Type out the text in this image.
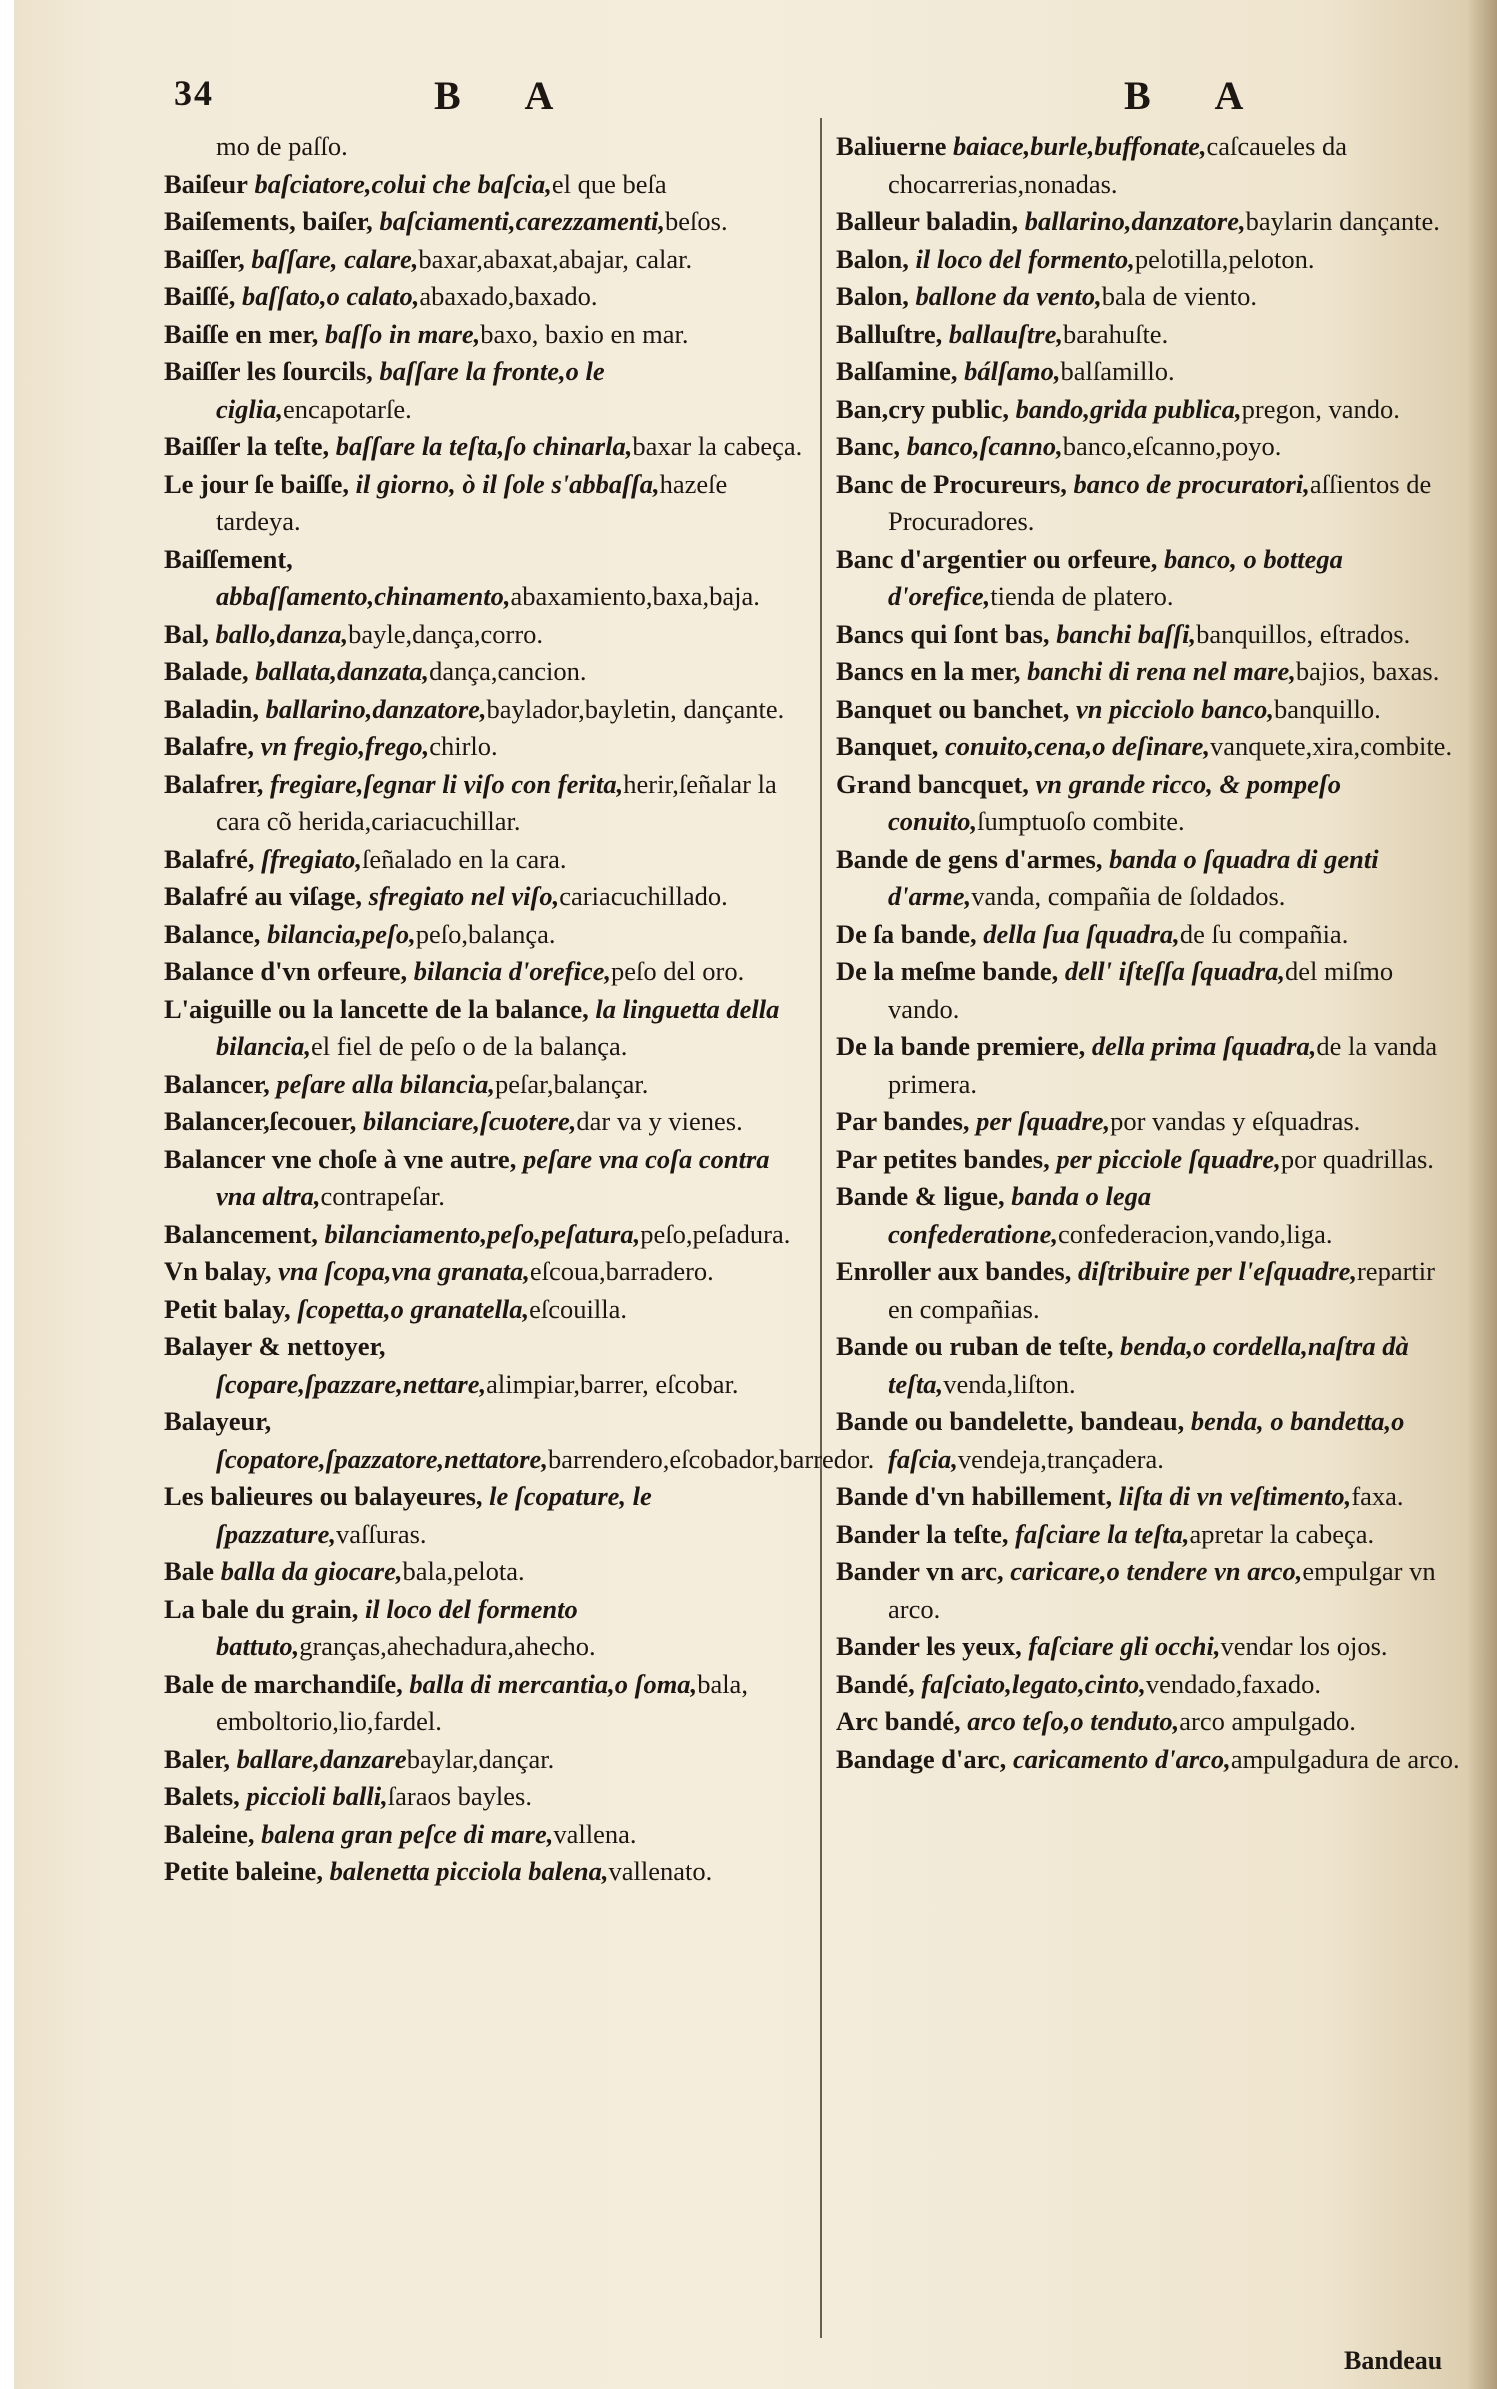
34	B A	B A

mo de paſſo.

Baiſeur baſciatore,colui che baſcia,el que beſa

Baiſements, baiſer, baſciamenti,carezzamenti,beſos.

Baiſſer, baſſare, calare,baxar,abaxat,abajar, calar.

Baiſſé, baſſato,o calato,abaxado,baxado.

Baiſſe en mer, baſſo in mare,baxo, baxio en mar.

Baiſſer les ſourcils, baſſare la fronte,o le ciglia,encapotarſe.

Baiſſer la teſte, baſſare la teſta,ſo chinarla,baxar la cabeça.

Le jour ſe baiſſe, il giorno, ò il ſole s'abbaſſa,hazeſe tardeya.

Baiſſement, abbaſſamento,chinamento,abaxamiento,baxa,baja.

Bal, ballo,danza,bayle,dança,corro.

Balade, ballata,danzata,dança,cancion.

Baladin, ballarino,danzatore,baylador,bayletin, dançante.

Balafre, vn fregio,frego,chirlo.

Balafrer, fregiare,ſegnar li viſo con ferita,herir,ſeñalar la cara cõ herida,cariacuchillar.

Balafré, ſfregiato,ſeñalado en la cara.

Balafré au viſage, sfregiato nel viſo,cariacuchillado.

Balance, bilancia,peſo,peſo,balança.

Balance d'vn orfeure, bilancia d'orefice,peſo del oro.

L'aiguille ou la lancette de la balance, la linguetta della bilancia,el fiel de peſo o de la balança.

Balancer, peſare alla bilancia,peſar,balançar.

Balancer,ſecouer, bilanciare,ſcuotere,dar va y vienes.

Balancer vne choſe à vne autre, peſare vna coſa contra vna altra,contrapeſar.

Balancement, bilanciamento,peſo,peſatura,peſo,peſadura.

Vn balay, vna ſcopa,vna granata,eſcoua,barradero.

Petit balay, ſcopetta,o granatella,eſcouilla.

Balayer & nettoyer, ſcopare,ſpazzare,nettare,alimpiar,barrer, eſcobar.

Balayeur, ſcopatore,ſpazzatore,nettatore,barrendero,eſcobador,barredor.

Les balieures ou balayeures, le ſcopature, le ſpazzature,vaſſuras.

Bale balla da giocare,bala,pelota.

La bale du grain, il loco del formento battuto,granças,ahechadura,ahecho.

Bale de marchandiſe, balla di mercantia,o ſoma,bala, emboltorio,lio,fardel.

Baler, ballare,danzarebaylar,dançar.

Balets, piccioli balli,ſaraos bayles.

Baleine, balena gran peſce di mare,vallena.

Petite baleine, balenetta picciola balena,vallenato.

Baliuerne baiace,burle,buffonate,caſcaueles da chocarrerias,nonadas.

Balleur baladin, ballarino,danzatore,baylarin dançante.

Balon, il loco del formento,pelotilla,peloton.

Balon, ballone da vento,bala de viento.

Balluſtre, ballauſtre,barahuſte.

Balſamine, bálſamo,balſamillo.

Ban,cry public, bando,grida publica,pregon, vando.

Banc, banco,ſcanno,banco,eſcanno,poyo.

Banc de Procureurs, banco de procuratori,aſſientos de Procuradores.

Banc d'argentier ou orfeure, banco, o bottega d'orefice,tienda de platero.

Bancs qui ſont bas, banchi baſſi,banquillos, eſtrados.

Bancs en la mer, banchi di rena nel mare,bajios, baxas.

Banquet ou banchet, vn picciolo banco,banquillo.

Banquet, conuito,cena,o deſinare,vanquete,xira,combite.

Grand bancquet, vn grande ricco, & pompeſo conuito,ſumptuoſo combite.

Bande de gens d'armes, banda o ſquadra di genti d'arme,vanda, compañia de ſoldados.

De ſa bande, della ſua ſquadra,de ſu compañia.

De la meſme bande, dell' iſteſſa ſquadra,del miſmo vando.

De la bande premiere, della prima ſquadra,de la vanda primera.

Par bandes, per ſquadre,por vandas y eſquadras.

Par petites bandes, per picciole ſquadre,por quadrillas.

Bande & ligue, banda o lega confederatione,confederacion,vando,liga.

Enroller aux bandes, diſtribuire per l'eſquadre,repartir en compañias.

Bande ou ruban de teſte, benda,o cordella,naſtra dà teſta,venda,liſton.

Bande ou bandelette, bandeau, benda, o bandetta,o faſcia,vendeja,trançadera.

Bande d'vn habillement, liſta di vn veſtimento,faxa.

Bander la teſte, faſciare la teſta,apretar la cabeça.

Bander vn arc, caricare,o tendere vn arco,empulgar vn arco.

Bander les yeux, faſciare gli occhi,vendar los ojos.

Bandé, faſciato,legato,cinto,vendado,faxado.

Arc bandé, arco teſo,o tenduto,arco ampulgado.

Bandage d'arc, caricamento d'arco,ampulgadura de arco.

Bandeau
